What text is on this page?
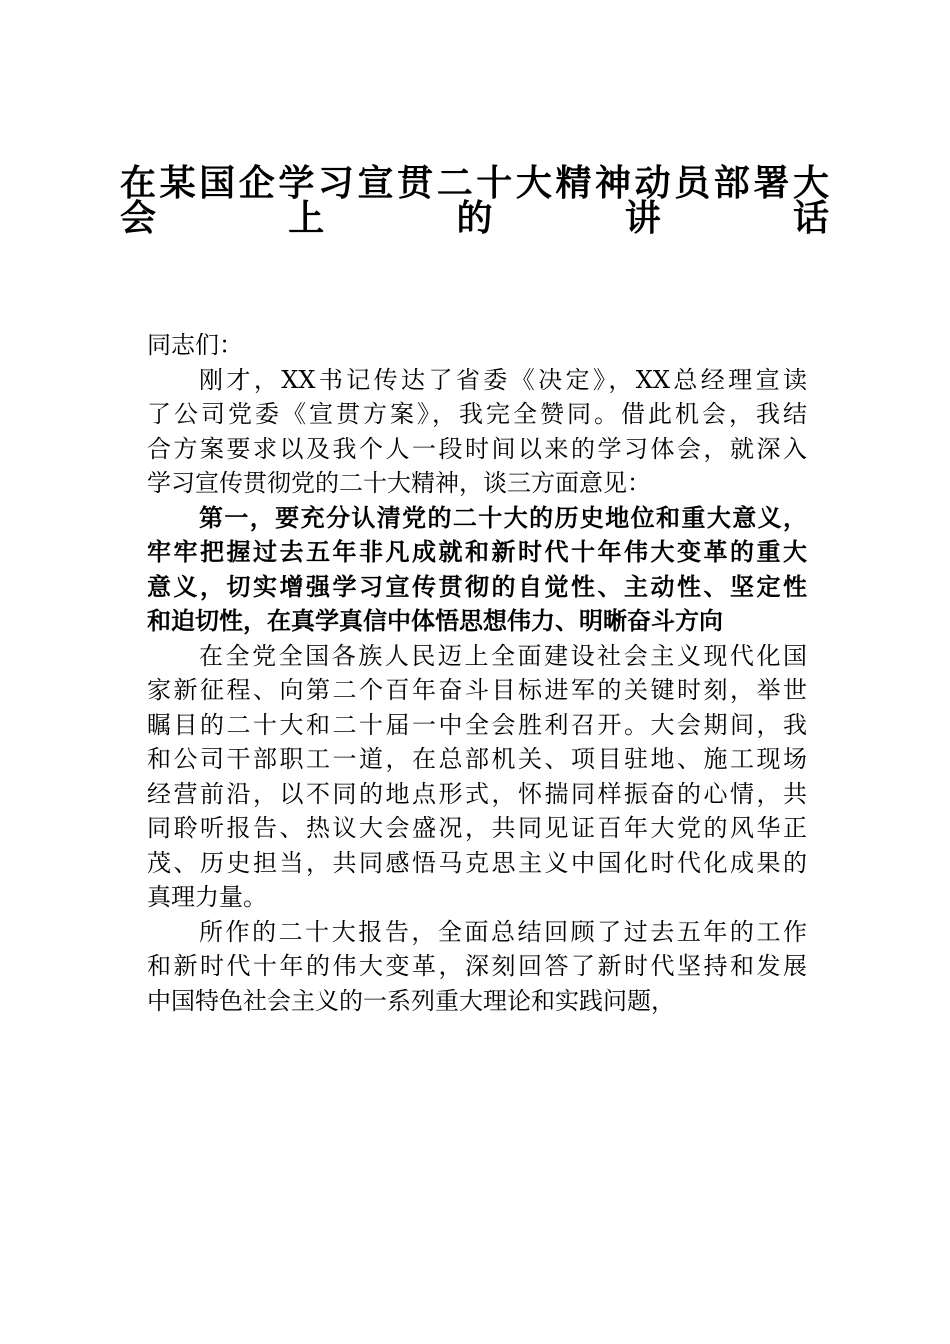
在某国企学习宣贯二十大精神动员部署大
会上的讲话
同志们：
刚才，XX书记传达了省委《决定》，XX总经理宣读
了公司党委《宣贯方案》，我完全赞同。借此机会，我结
合方案要求以及我个人一段时间以来的学习体会，就深入
学习宣传贯彻党的二十大精神，谈三方面意见：
第一，要充分认清党的二十大的历史地位和重大意义，
牢牢把握过去五年非凡成就和新时代十年伟大变革的重大
意义，切实增强学习宣传贯彻的自觉性、主动性、坚定性
和迫切性，在真学真信中体悟思想伟力、明晰奋斗方向
在全党全国各族人民迈上全面建设社会主义现代化国
家新征程、向第二个百年奋斗目标进军的关键时刻，举世
瞩目的二十大和二十届一中全会胜利召开。大会期间，我
和公司干部职工一道，在总部机关、项目驻地、施工现场
经营前沿，以不同的地点形式，怀揣同样振奋的心情，共
同聆听报告、热议大会盛况，共同见证百年大党的风华正
茂、历史担当，共同感悟马克思主义中国化时代化成果的
真理力量。
所作的二十大报告，全面总结回顾了过去五年的工作
和新时代十年的伟大变革，深刻回答了新时代坚持和发展
中国特色社会主义的一系列重大理论和实践问题，
